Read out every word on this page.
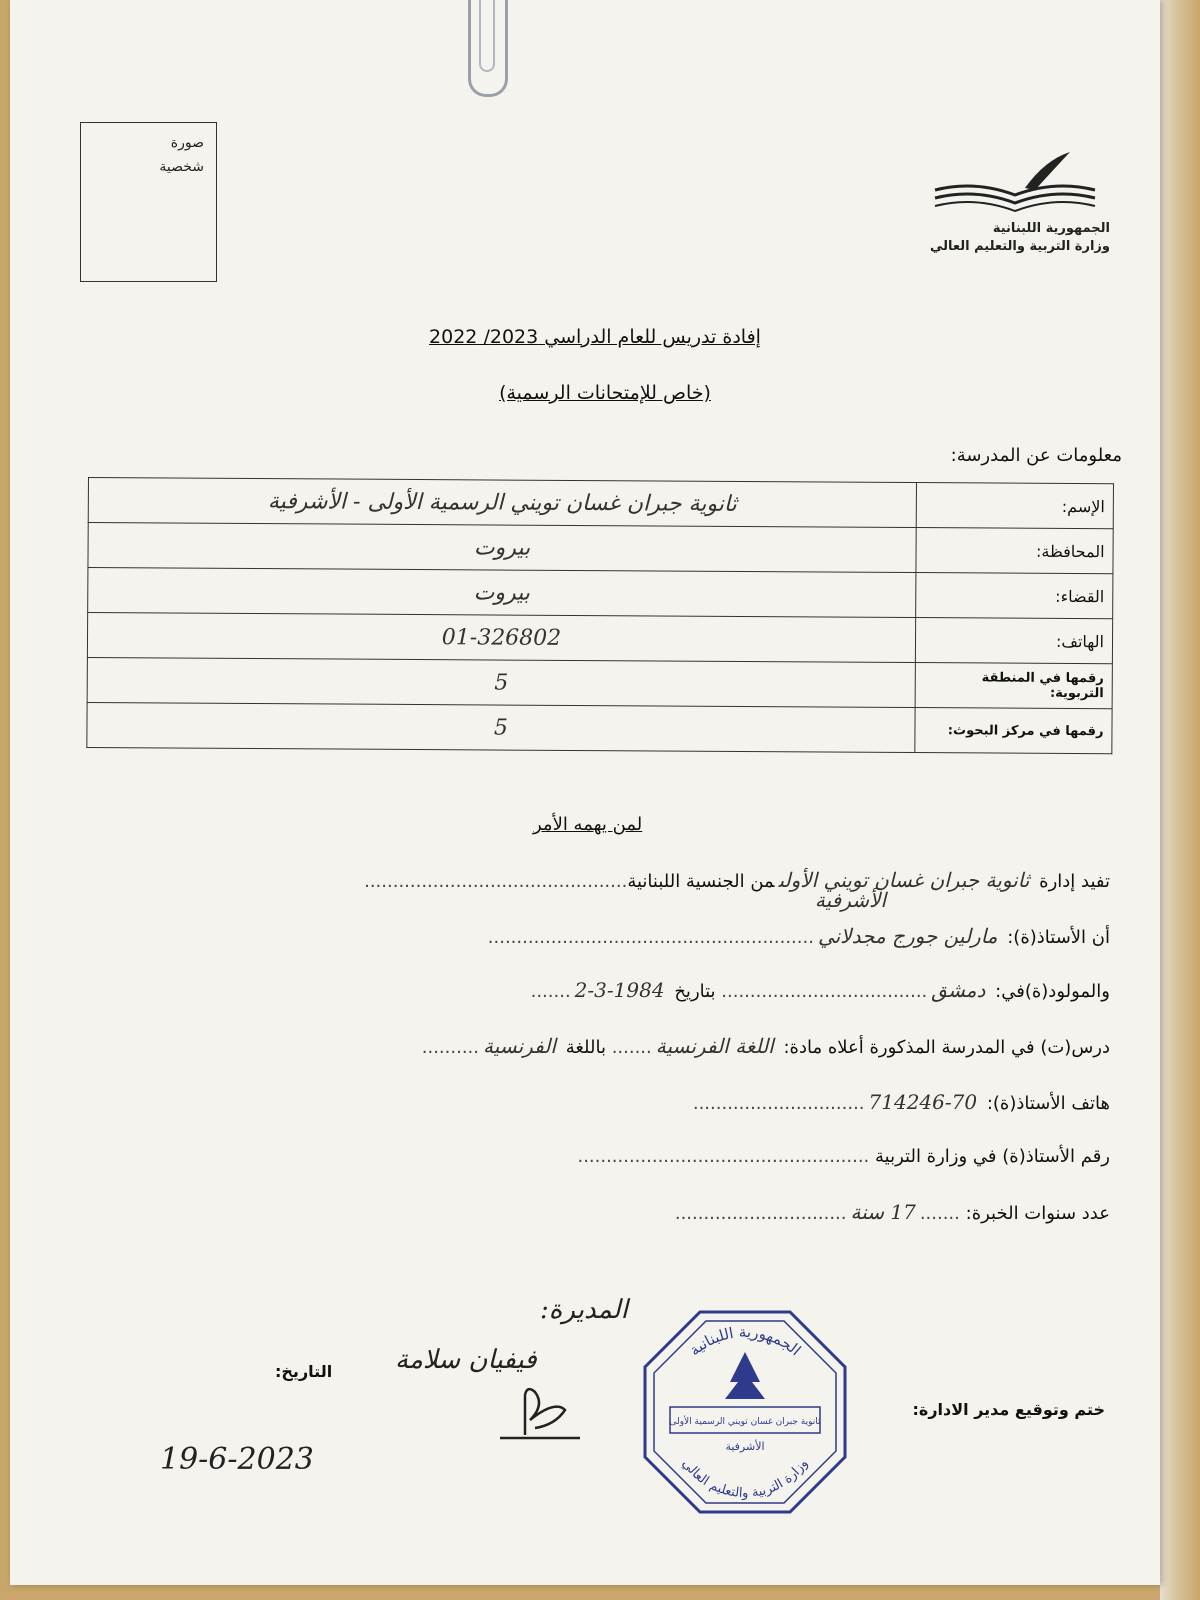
صورة
شخصية
الجمهورية اللبنانية
وزارة التربية والتعليم العالي
إفادة تدريس للعام الدراسي 2023/ 2022
(خاص للإمتحانات الرسمية)
معلومات عن المدرسة:
الإسم:	ثانوية جبران غسان تويني الرسمية الأولى - الأشرفية
المحافظة:	بيروت
القضاء:	بيروت
الهاتف:	01-326802
رقمها في المنطقة التربوية:	5
رقمها في مركز البحوث:	5
لمن يهمه الأمر
تفيد إدارة ثانوية جبران غسان تويني الأولىمن الجنسية اللبنانية..............................................
الأشرفية
أن الأستاذ(ة): مارلين جورج مجدلاني.........................................................
والمولود(ة)في: دمشق.................................... بتاريخ 1984-3-2.......
درس(ت) في المدرسة المذكورة أعلاه مادة: اللغة الفرنسية....... باللغة الفرنسية..........
هاتف الأستاذ(ة): 70-714246..............................
رقم الأستاذ(ة) في وزارة التربية ...................................................
عدد سنوات الخبرة: .......17 سنة..............................
المديرة:
فيفيان سلامة	الجمهورية اللبنانية
وزارة التربية والتعليم العالي
ثانوية جبران غسان تويني الرسمية الأولى
الأشرفية
ختم وتوقيع مدير الادارة:
التاريخ:
19-6-2023
